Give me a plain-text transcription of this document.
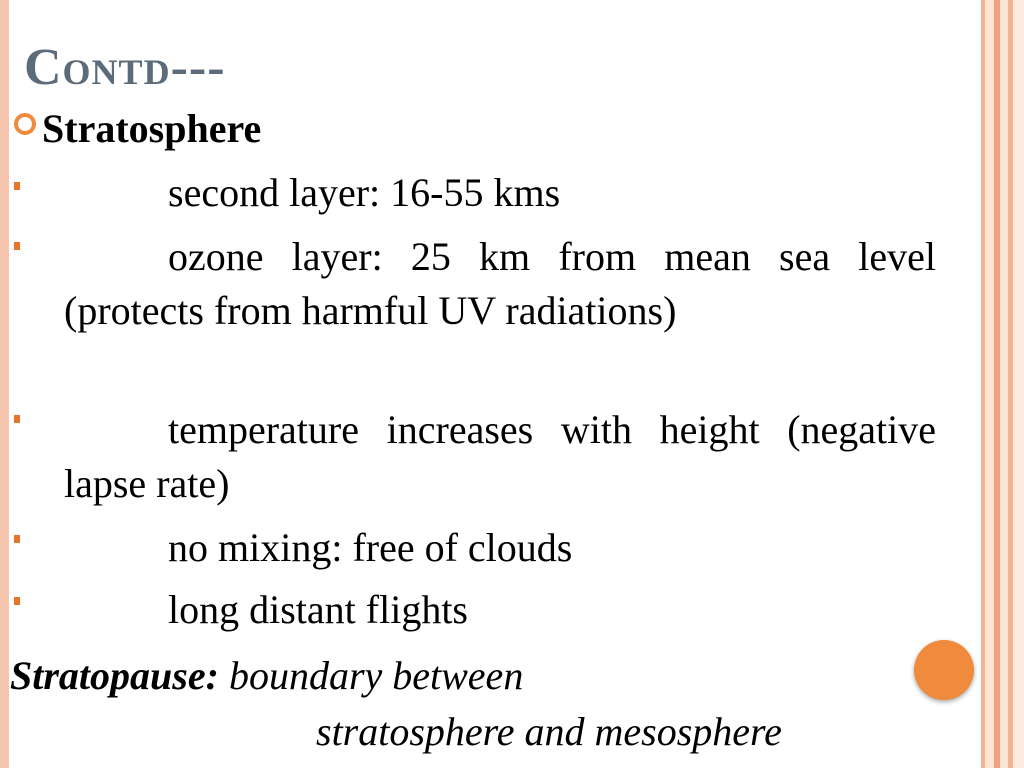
Contd---
Stratosphere
second layer: 16-55 kms
ozone layer: 25 km from mean sea level (protects from harmful UV radiations)
temperature increases with height (negative lapse rate)
no mixing: free of clouds
long distant flights
Stratopause: boundary between
stratosphere and mesosphere
